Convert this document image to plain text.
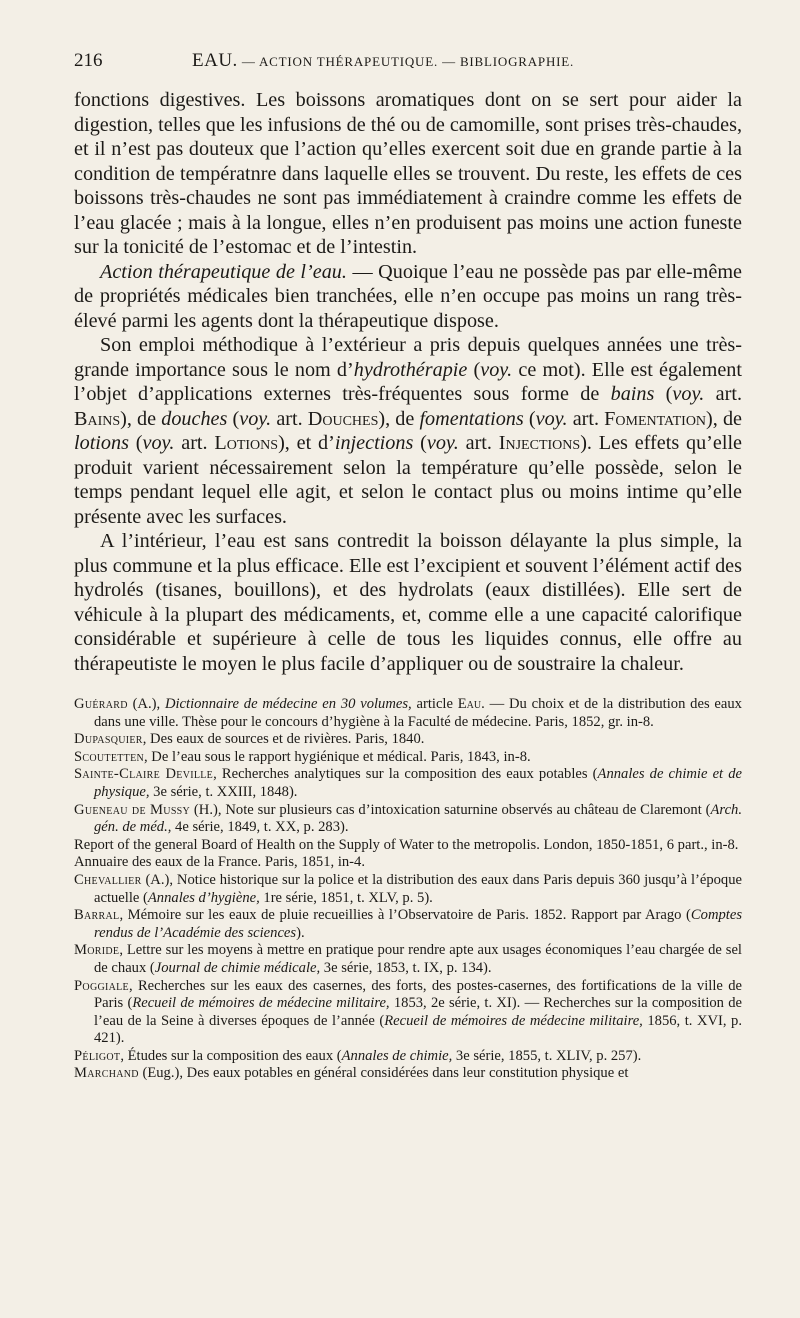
216	EAU. — ACTION THÉRAPEUTIQUE. — BIBLIOGRAPHIE.

fonctions digestives. Les boissons aromatiques dont on se sert pour aider la digestion, telles que les infusions de thé ou de camomille, sont prises très-chaudes, et il n’est pas douteux que l’action qu’elles exercent soit due en grande partie à la condition de températnre dans laquelle elles se trouvent. Du reste, les effets de ces boissons très-chaudes ne sont pas immédiatement à craindre comme les effets de l’eau glacée ; mais à la longue, elles n’en produisent pas moins une action funeste sur la tonicité de l’estomac et de l’intestin.

Action thérapeutique de l’eau. — Quoique l’eau ne possède pas par elle-même de propriétés médicales bien tranchées, elle n’en occupe pas moins un rang très-élevé parmi les agents dont la thérapeutique dispose.

Son emploi méthodique à l’extérieur a pris depuis quelques années une très-grande importance sous le nom d’hydrothérapie (voy. ce mot). Elle est également l’objet d’applications externes très-fréquentes sous forme de bains (voy. art. Bains), de douches (voy. art. Douches), de fomentations (voy. art. Fomentation), de lotions (voy. art. Lotions), et d’injections (voy. art. Injections). Les effets qu’elle produit varient nécessairement selon la température qu’elle possède, selon le temps pendant lequel elle agit, et selon le contact plus ou moins intime qu’elle présente avec les surfaces.

A l’intérieur, l’eau est sans contredit la boisson délayante la plus simple, la plus commune et la plus efficace. Elle est l’excipient et souvent l’élément actif des hydrolés (tisanes, bouillons), et des hydrolats (eaux distillées). Elle sert de véhicule à la plupart des médicaments, et, comme elle a une capacité calorifique considérable et supérieure à celle de tous les liquides connus, elle offre au thérapeutiste le moyen le plus facile d’appliquer ou de soustraire la chaleur.

Guérard (A.), Dictionnaire de médecine en 30 volumes, article Eau. — Du choix et de la distribution des eaux dans une ville. Thèse pour le concours d’hygiène à la Faculté de médecine. Paris, 1852, gr. in-8.

Dupasquier, Des eaux de sources et de rivières. Paris, 1840.

Scoutetten, De l’eau sous le rapport hygiénique et médical. Paris, 1843, in-8.

Sainte-Claire Deville, Recherches analytiques sur la composition des eaux potables (Annales de chimie et de physique, 3e série, t. XXIII, 1848).

Gueneau de Mussy (H.), Note sur plusieurs cas d’intoxication saturnine observés au château de Claremont (Arch. gén. de méd., 4e série, 1849, t. XX, p. 283).

Report of the general Board of Health on the Supply of Water to the metropolis. London, 1850-1851, 6 part., in-8.

Annuaire des eaux de la France. Paris, 1851, in-4.

Chevallier (A.), Notice historique sur la police et la distribution des eaux dans Paris depuis 360 jusqu’à l’époque actuelle (Annales d’hygiène, 1re série, 1851, t. XLV, p. 5).

Barral, Mémoire sur les eaux de pluie recueillies à l’Observatoire de Paris. 1852. Rapport par Arago (Comptes rendus de l’Académie des sciences).

Moride, Lettre sur les moyens à mettre en pratique pour rendre apte aux usages économiques l’eau chargée de sel de chaux (Journal de chimie médicale, 3e série, 1853, t. IX, p. 134).

Poggiale, Recherches sur les eaux des casernes, des forts, des postes-casernes, des fortifications de la ville de Paris (Recueil de mémoires de médecine militaire, 1853, 2e série, t. XI). — Recherches sur la composition de l’eau de la Seine à diverses époques de l’année (Recueil de mémoires de médecine militaire, 1856, t. XVI, p. 421).

Péligot, Études sur la composition des eaux (Annales de chimie, 3e série, 1855, t. XLIV, p. 257).

Marchand (Eug.), Des eaux potables en général considérées dans leur constitution physique et
